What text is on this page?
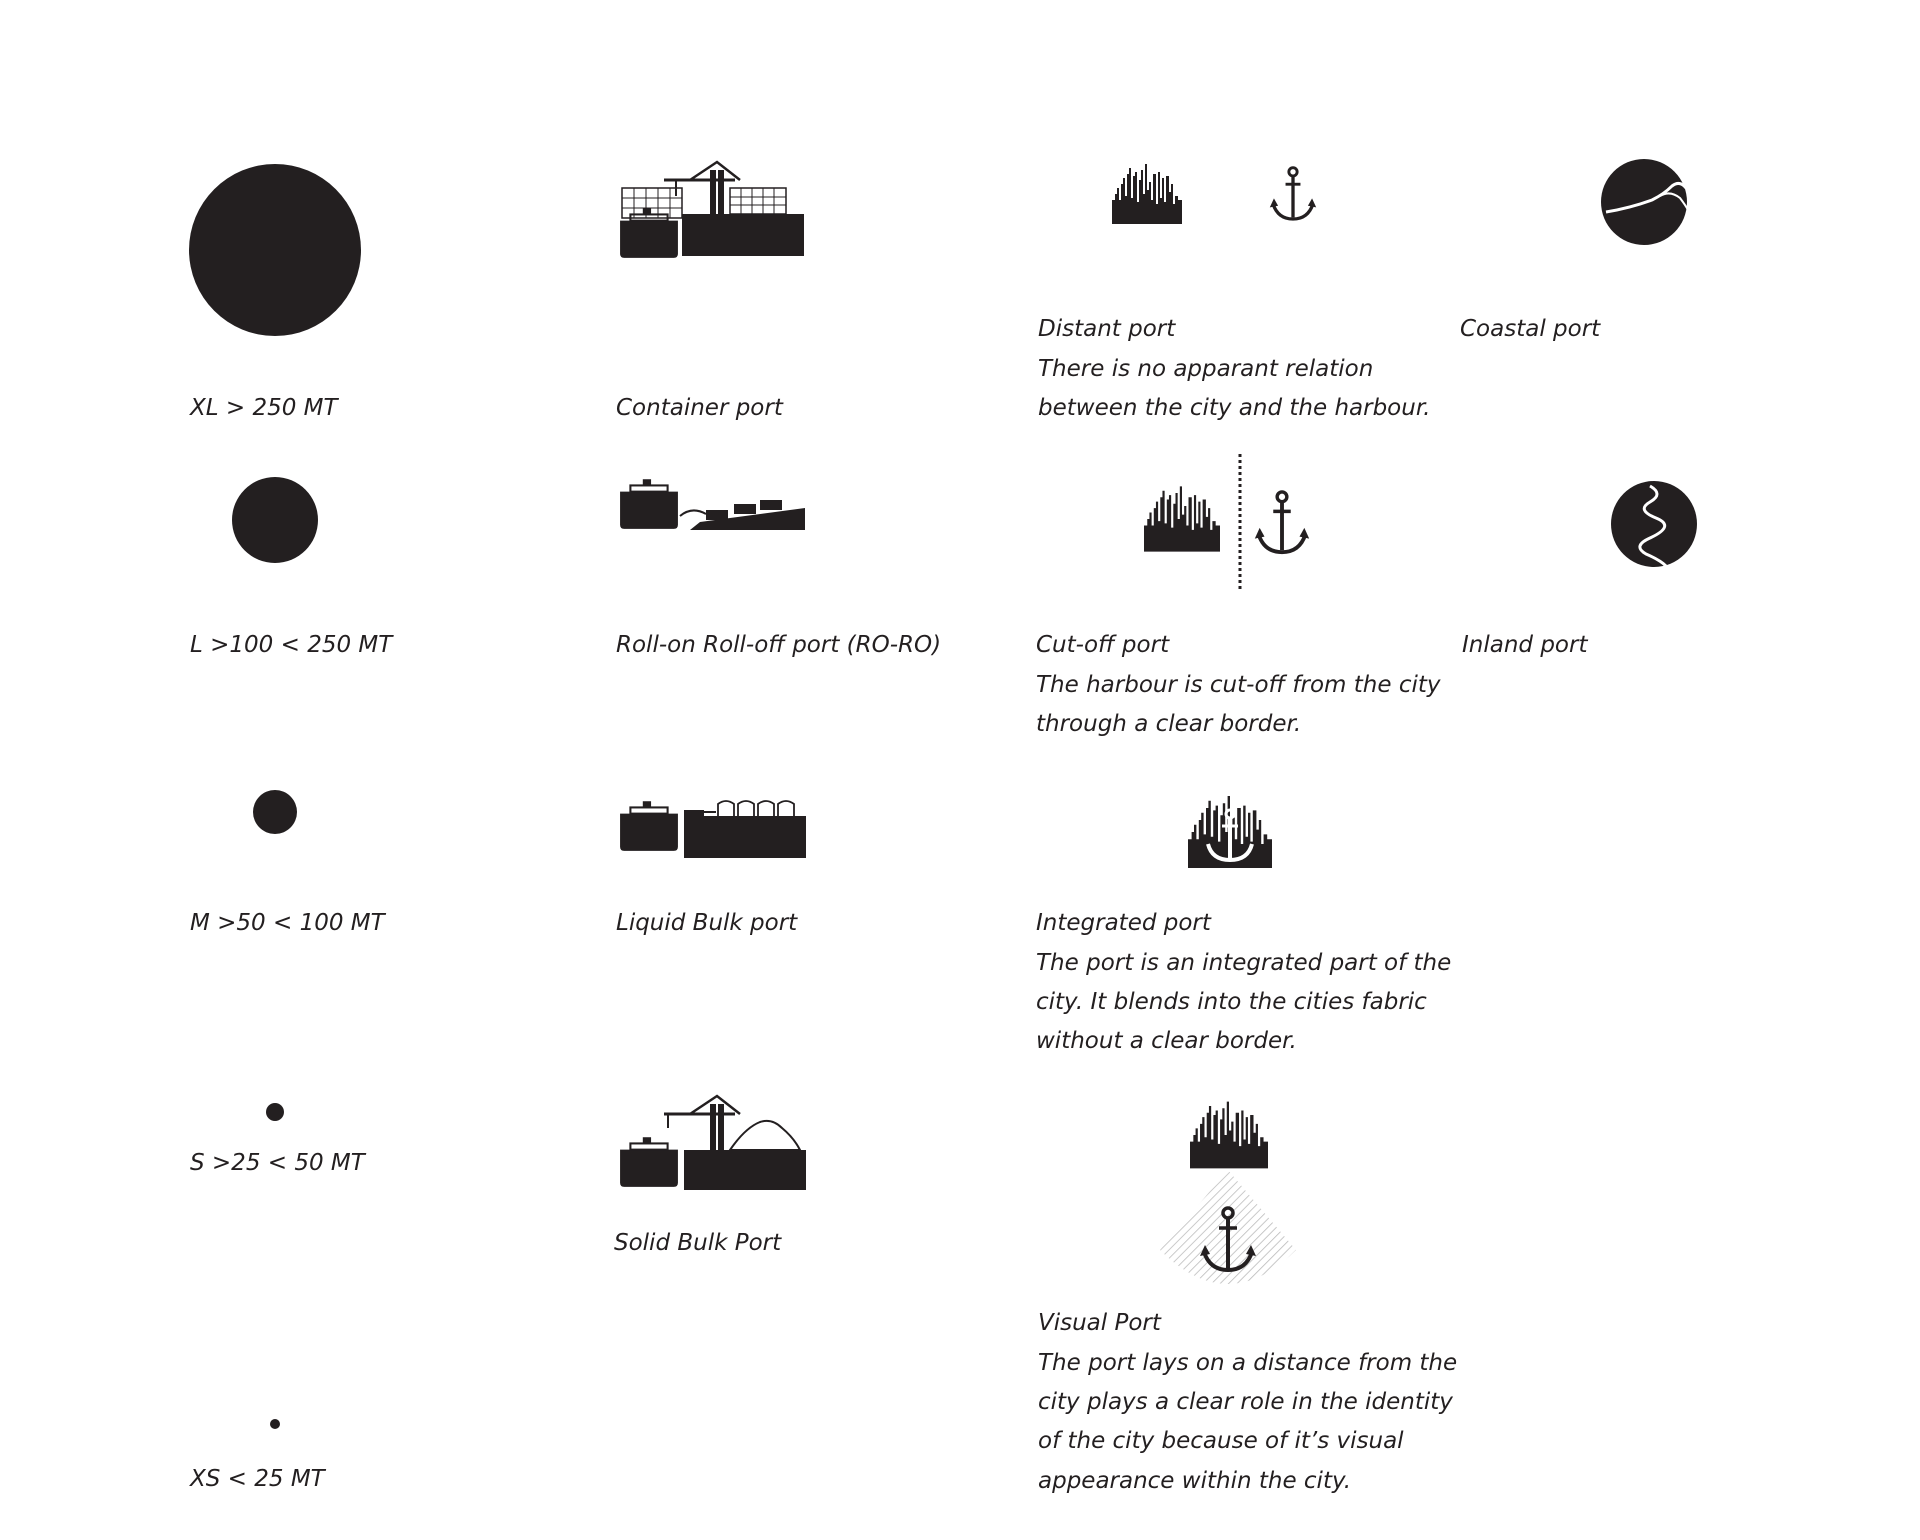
XL > 250 MT
L >100 < 250 MT
M >50 < 100 MT
S >25 < 50 MT
XS < 25 MT
Container port
Roll-on Roll-off port (RO-RO)
Liquid Bulk port
Solid Bulk Port
Distant port
There is no apparant relation
between the city and the harbour.
Cut-off port
The harbour is cut-off from the city
through a clear border.
Integrated port
The port is an integrated part of the
city. It blends into the cities fabric
without a clear border.
Visual Port
The port lays on a distance from the
city plays a clear role in the identity
of the city because of it’s visual
appearance within the city.
Coastal port
Inland port
